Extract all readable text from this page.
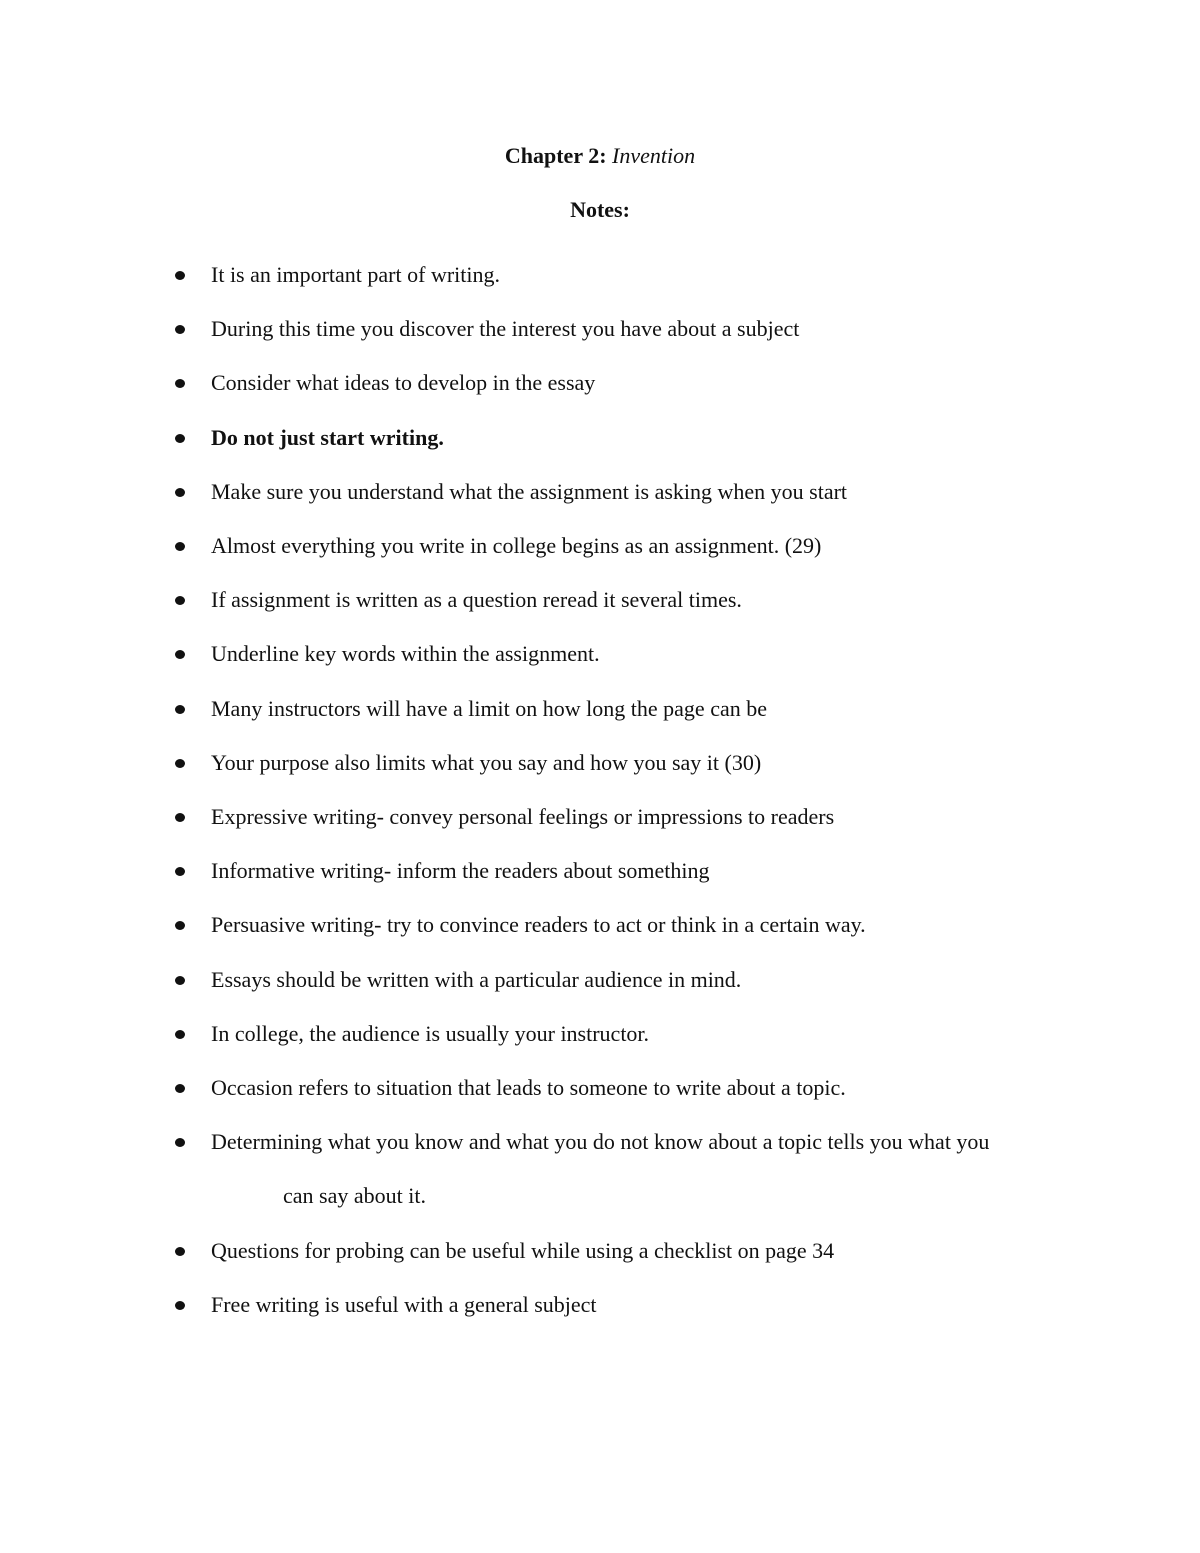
Chapter 2: Invention
Notes:
It is an important part of writing.
During this time you discover the interest you have about a subject
Consider what ideas to develop in the essay
Do not just start writing.
Make sure you understand what the assignment is asking when you start
Almost everything you write in college begins as an assignment. (29)
If assignment is written as a question reread it several times.
Underline key words within the assignment.
Many instructors will have a limit on how long the page can be
Your purpose also limits what you say and how you say it (30)
Expressive writing- convey personal feelings or impressions to readers
Informative writing- inform the readers about something
Persuasive writing- try to convince readers to act or think in a certain way.
Essays should be written with a particular audience in mind.
In college, the audience is usually your instructor.
Occasion refers to situation that leads to someone to write about a topic.
Determining what you know and what you do not know about a topic tells you what you
can say about it.
Questions for probing can be useful while using a checklist on page 34
Free writing is useful with a general subject
